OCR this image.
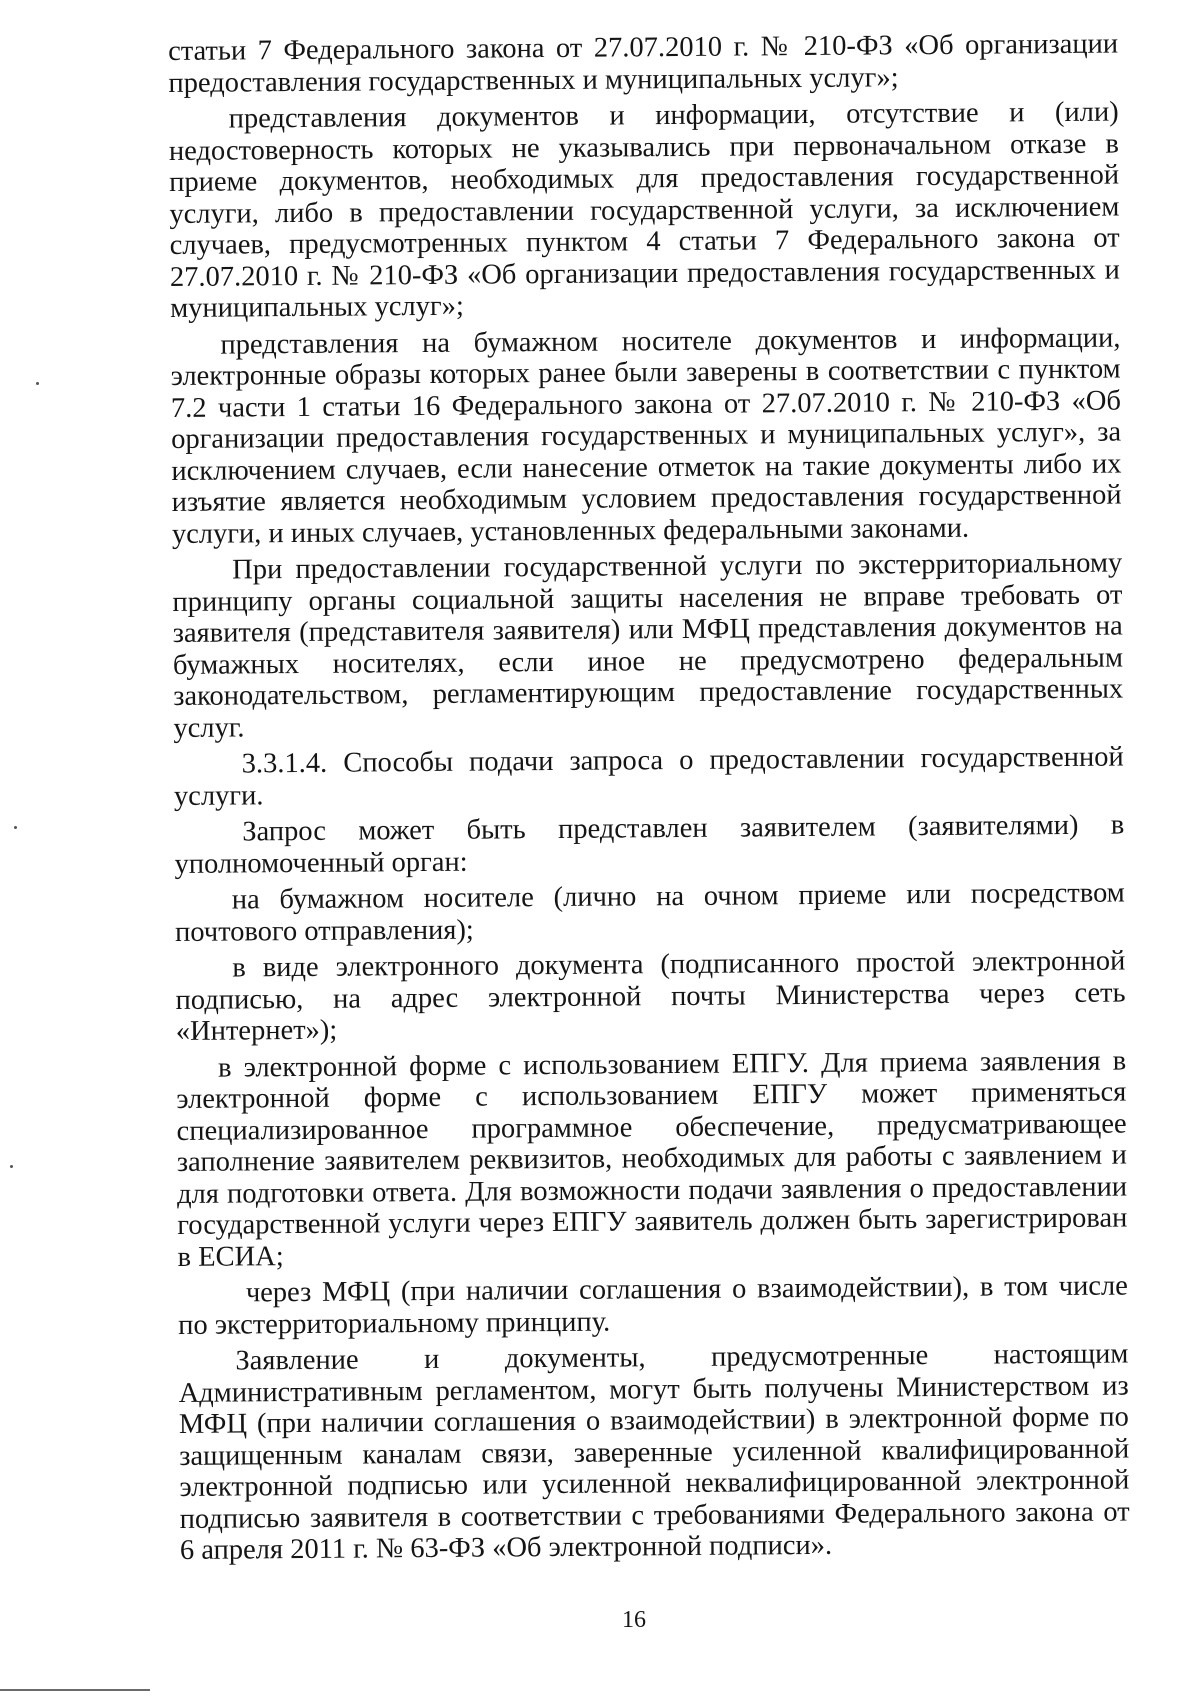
статьи 7 Федерального закона от 27.07.2010 г. № 210-ФЗ «Об организации предоставления государственных и муниципальных услуг»;

представления документов и информации, отсутствие и (или) недостоверность которых не указывались при первоначальном отказе в приеме документов, необходимых для предоставления государственной услуги, либо в предоставлении государственной услуги, за исключением случаев, предусмотренных пунктом 4 статьи 7 Федерального закона от 27.07.2010 г. № 210-ФЗ «Об организации предоставления государственных и муниципальных услуг»;

представления на бумажном носителе документов и информации, электронные образы которых ранее были заверены в соответствии с пунктом 7.2 части 1 статьи 16 Федерального закона от 27.07.2010 г. № 210-ФЗ «Об организации предоставления государственных и муниципальных услуг», за исключением случаев, если нанесение отметок на такие документы либо их изъятие является необходимым условием предоставления государственной услуги, и иных случаев, установленных федеральными законами.

При предоставлении государственной услуги по экстерриториальному принципу органы социальной защиты населения не вправе требовать от заявителя (представителя заявителя) или МФЦ представления документов на бумажных носителях, если иное не предусмотрено федеральным законодательством, регламентирующим предоставление государственных услуг.

3.3.1.4. Способы подачи запроса о предоставлении государственной услуги.

Запрос может быть представлен заявителем (заявителями) в уполномоченный орган:

на бумажном носителе (лично на очном приеме или посредством почтового отправления);

в виде электронного документа (подписанного простой электронной подписью, на адрес электронной почты Министерства через сеть «Интернет»);

в электронной форме с использованием ЕПГУ. Для приема заявления в электронной форме с использованием ЕПГУ может применяться специализированное программное обеспечение, предусматривающее заполнение заявителем реквизитов, необходимых для работы с заявлением и для подготовки ответа. Для возможности подачи заявления о предоставлении государственной услуги через ЕПГУ заявитель должен быть зарегистрирован в ЕСИА;

через МФЦ (при наличии соглашения о взаимодействии), в том числе по экстерриториальному принципу.

Заявление и документы, предусмотренные настоящим Административным регламентом, могут быть получены Министерством из МФЦ (при наличии соглашения о взаимодействии) в электронной форме по защищенным каналам связи, заверенные усиленной квалифицированной электронной подписью или усиленной неквалифицированной электронной подписью заявителя в соответствии с требованиями Федерального закона от 6 апреля 2011 г. № 63-ФЗ «Об электронной подписи».

16
